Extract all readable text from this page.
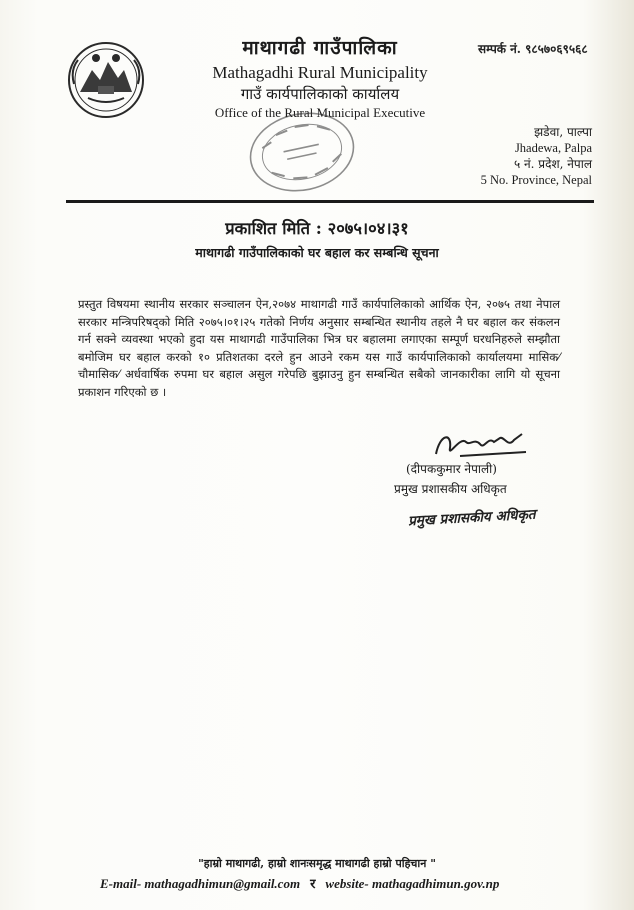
माथागढी गाउँपालिका
Mathagadhi Rural Municipality
गाउँ कार्यपालिकाको कार्यालय
Office of the Rural Municipal Executive
सम्पर्क नं. ९८५७०६९५६८
झडेवा, पाल्पा
Jhadewa, Palpa
५ नं. प्रदेश, नेपाल
5 No. Province, Nepal
प्रकाशित मिति : २०७५।०४।३१
माथागढी गाउँपालिकाको घर बहाल कर सम्बन्धि सूचना
प्रस्तुत विषयमा स्थानीय सरकार सञ्चालन ऐन,२०७४ माथागढी गाउँ कार्यपालिकाको आर्थिक ऐन, २०७५ तथा नेपाल सरकार मन्त्रिपरिषद्को मिति २०७५।०१।२५ गतेको निर्णय अनुसार सम्बन्धित स्थानीय तहले नै घर बहाल कर संकलन गर्न सक्ने व्यवस्था भएको हुदा यस माथागढी गाउँपालिका भित्र घर बहालमा लगाएका सम्पूर्ण घरधनिहरुले सम्झौता बमोजिम घर बहाल करको १० प्रतिशतका दरले हुन आउने रकम यस गाउँ कार्यपालिकाको कार्यालयमा मासिक⁄ चौमासिक⁄ अर्धवार्षिक रुपमा घर बहाल असुल गरेपछि बुझाउनु हुन सम्बन्धित सबैको जानकारीका लागि यो सूचना प्रकाशन गरिएको छ ।
(दीपककुमार नेपाली)
प्रमुख प्रशासकीय अधिकृत
प्रमुख प्रशासकीय अधिकृत
"हाम्रो माथागढी, हाम्रो शानःसमृद्ध माथागढी हाम्रो पहिचान "
E-mail- mathagadhimun@gmail.com र website- mathagadhimun.gov.np
